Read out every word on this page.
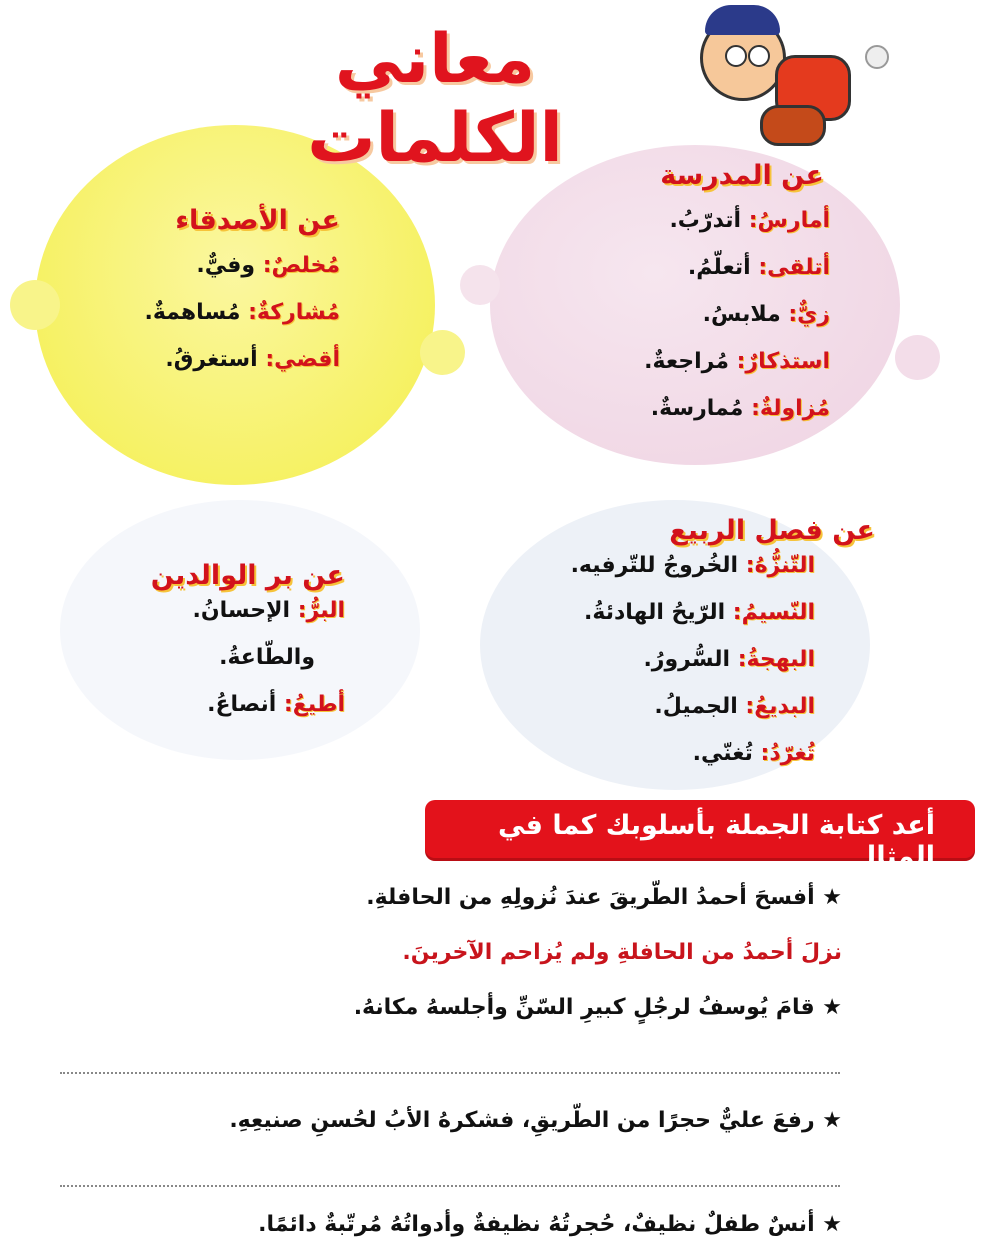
معاني الكلمات	عن المدرسة
أمارسُ: أتدرّبُ.
أتلقى: أتعلّمُ.
زيٌّ: ملابسُ.
استذكارٌ: مُراجعةٌ.
مُزاولةٌ: مُمارسةٌ.
عن الأصدقاء
مُخلصٌ: وفيٌّ.
مُشاركةٌ: مُساهمةٌ.
أقضي: أستغرقُ.
عن فصل الربيع
التّنزُّهُ: الخُروجُ للتّرفيه.
النّسيمُ: الرّيحُ الهادئةُ.
البهجةُ: السُّرورُ.
البديعُ: الجميلُ.
تُغرّدُ: تُغنّي.
عن بر الوالدين
البرُّ: الإحسانُ.
والطّاعةُ.
أطيعُ: أنصاعُ.
أعد كتابة الجملة بأسلوبك كما في المثال
★ أفسحَ أحمدُ الطّريقَ عندَ نُزولِهِ من الحافلةِ.
نزلَ أحمدُ من الحافلةِ ولم يُزاحم الآخرينَ.
★ قامَ يُوسفُ لرجُلٍ كبيرِ السّنِّ وأجلسهُ مكانهُ.
★ رفعَ عليٌّ حجرًا من الطّريقِ، فشكرهُ الأبُ لحُسنِ صنيعِهِ.
★ أنسٌ طفلٌ نظيفٌ، حُجرتُهُ نظيفةٌ وأدواتُهُ مُرتّبةٌ دائمًا.
